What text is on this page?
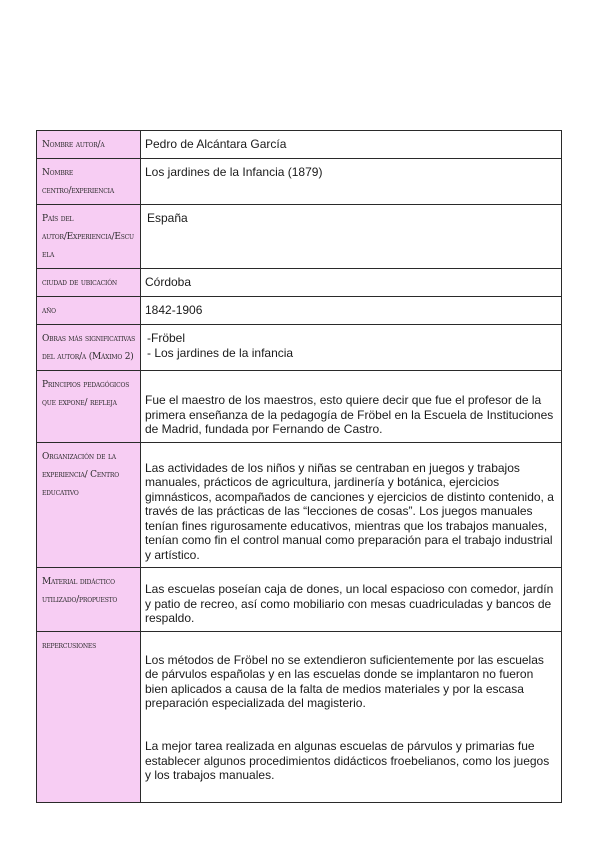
Nombre autor/a	Pedro de Alcántara García

Nombre centro/experiencia	Los jardines de la Infancia (1879)

País del autor/Experiencia/Escuela	España

ciudad de ubicación	Córdoba

año	1842-1906

Obras más significativas del autor/a (Máximo 2)	-Fröbel
- Los jardines de la infancia

Principios pedagógicos que expone/ refleja	Fue el maestro de los maestros, esto quiere decir que fue el profesor de la primera enseñanza de la pedagogía de Fröbel en la Escuela de Instituciones de Madrid, fundada por Fernando de Castro.

Organización de la experiencia/ Centro educativo	Las actividades de los niños y niñas se centraban en juegos y trabajos manuales, prácticos de agricultura, jardinería y botánica, ejercicios gimnásticos, acompañados de canciones y ejercicios de distinto contenido, a través de las prácticas de las “lecciones de cosas”. Los juegos manuales tenían fines rigurosamente educativos, mientras que los trabajos manuales, tenían como fin el control manual como preparación para el trabajo industrial y artístico.

Material didáctico utilizado/propuesto	Las escuelas poseían caja de dones, un local espacioso con comedor, jardín y patio de recreo, así como mobiliario con mesas cuadriculadas y bancos de respaldo.

repercusiones	Los métodos de Fröbel no se extendieron suficientemente por las escuelas de párvulos españolas y en las escuelas donde se implantaron no fueron bien aplicados a causa de la falta de medios materiales y por la escasa preparación especializada del magisterio.

La mejor tarea realizada en algunas escuelas de párvulos y primarias fue establecer algunos procedimientos didácticos froebelianos, como los juegos y los trabajos manuales.
